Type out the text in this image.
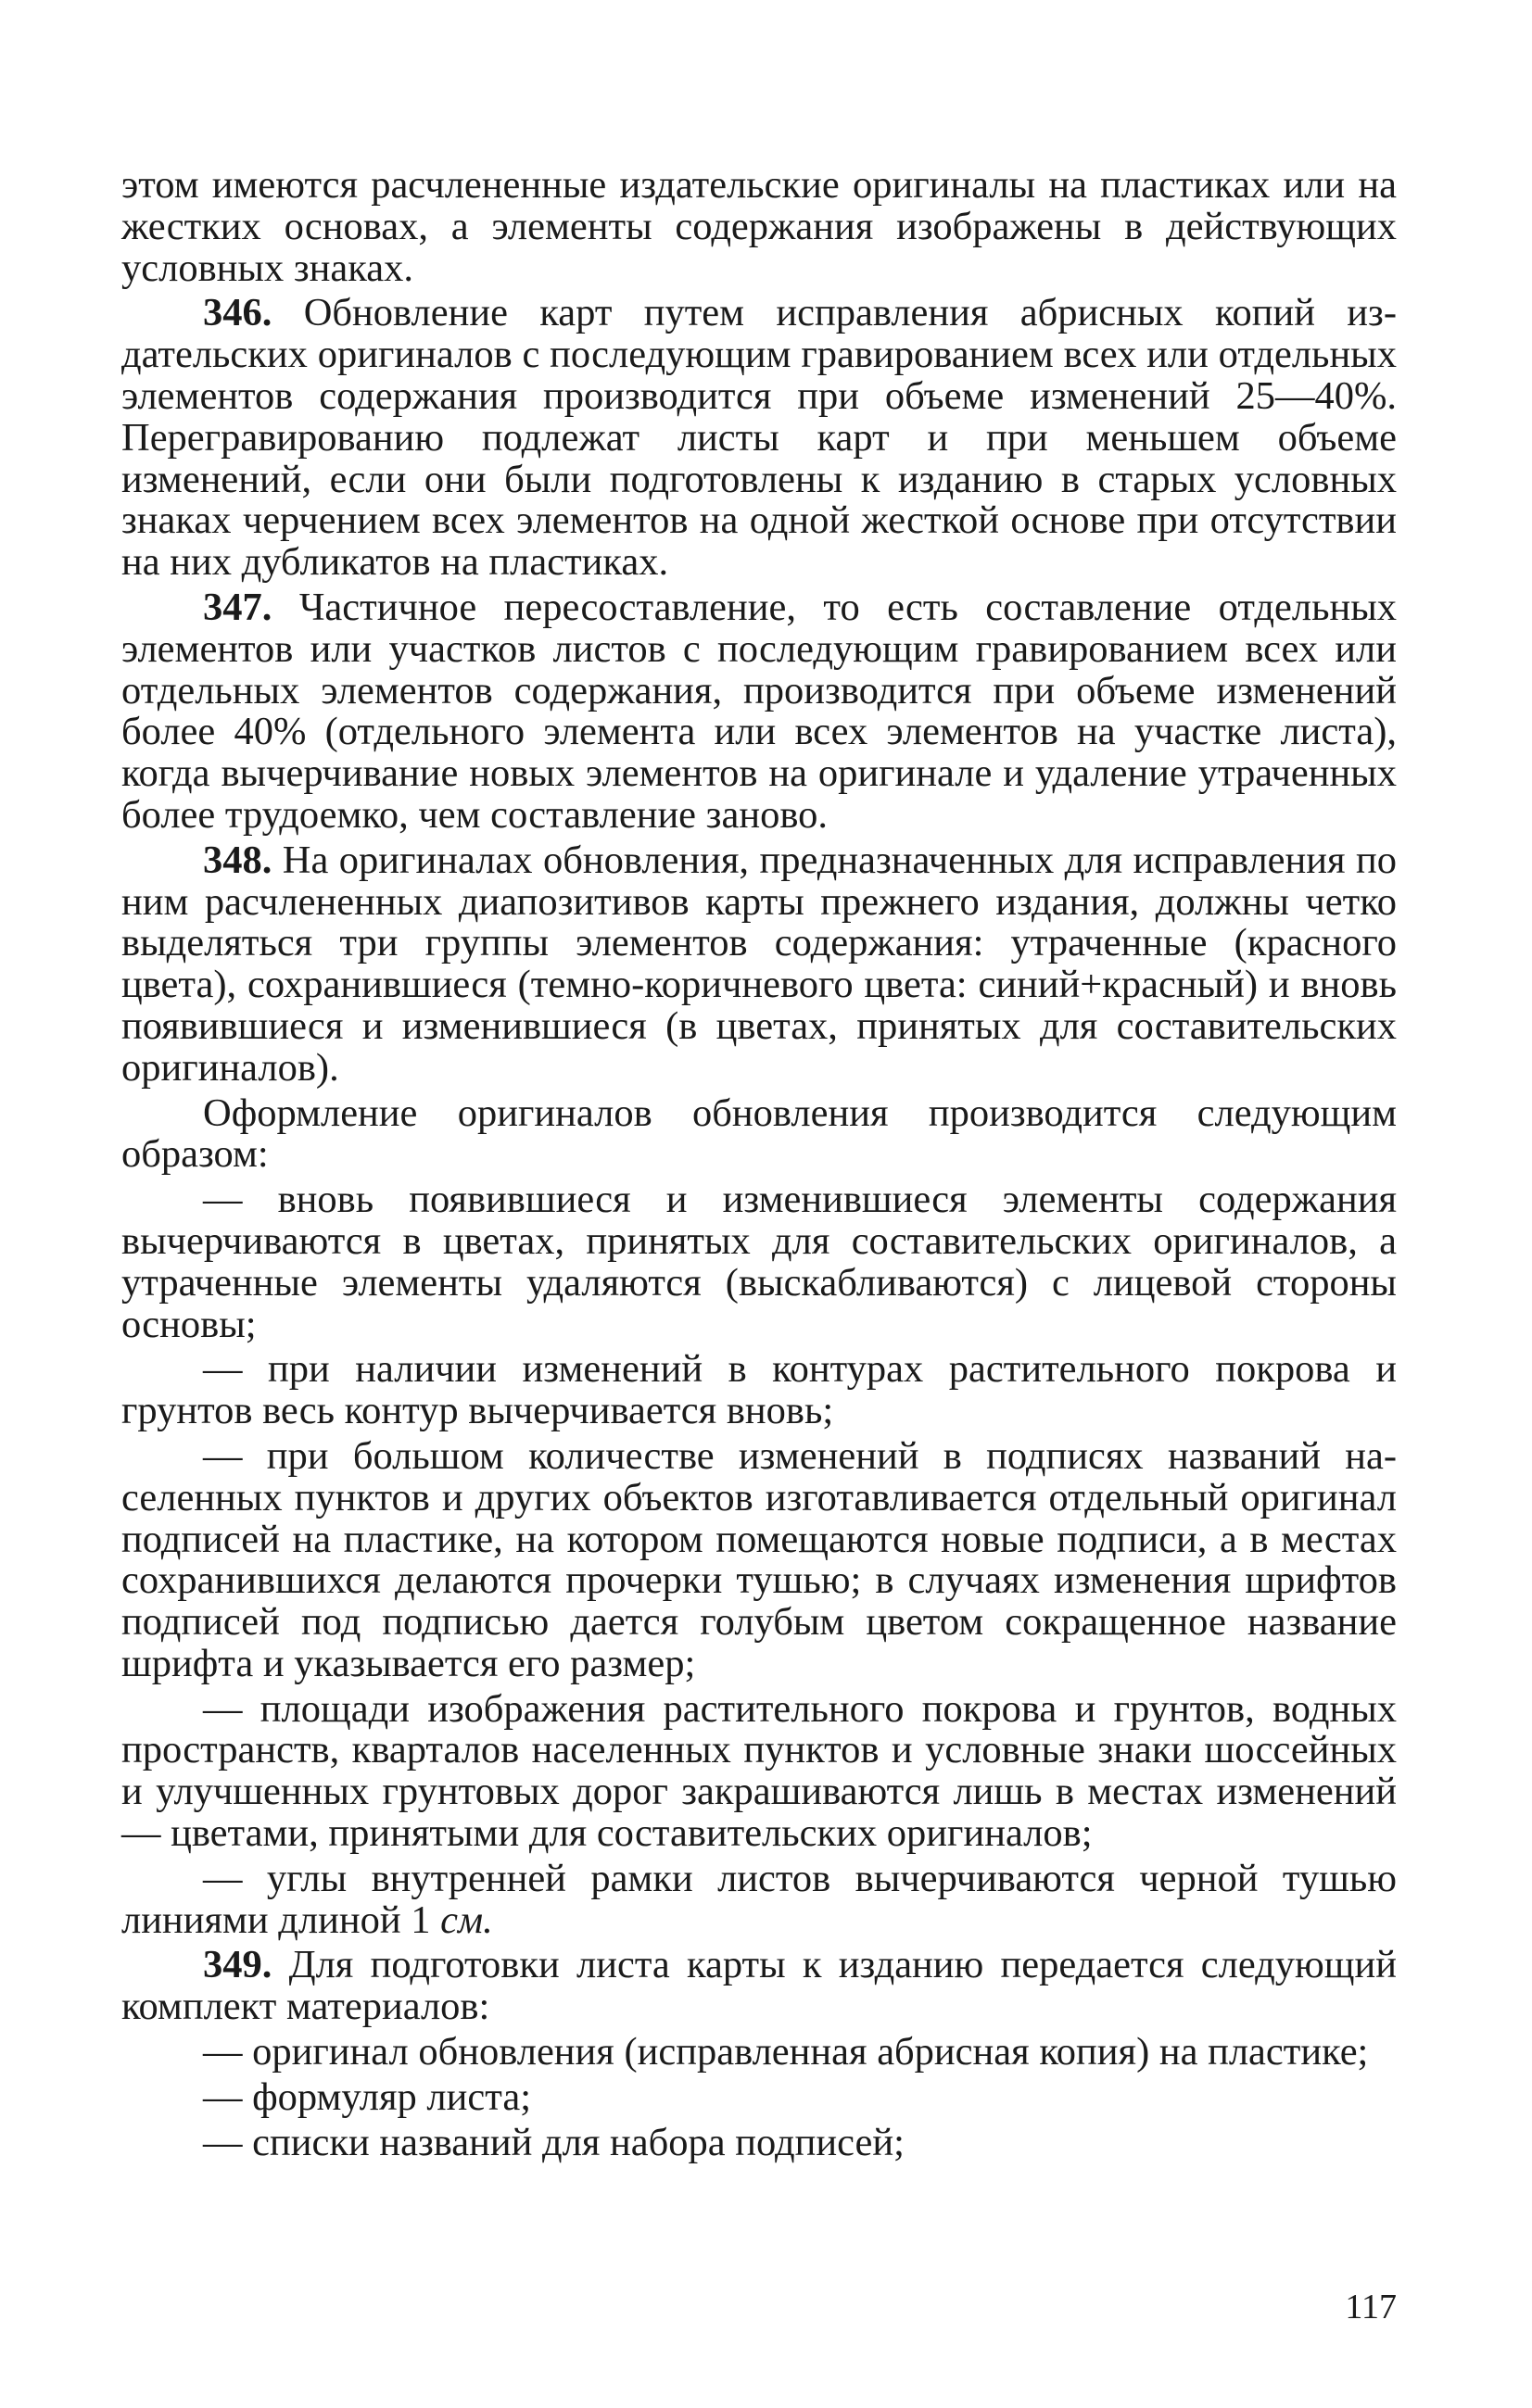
этом имеются расчлененные издательские оригиналы на пластиках или на жестких основах, а элементы содержания изображены в действующих условных знаках.

346. Обновление карт путем исправления абрисных копий издательских оригиналов с последующим гравированием всех или отдельных элементов содержания производится при объеме изменений 25—40%. Перегравированию подлежат листы карт и при меньшем объеме изменений, если они были подготовлены к изданию в старых условных знаках черчением всех элементов на одной жесткой основе при отсутствии на них дубликатов на пластиках.

347. Частичное пересоставление, то есть составление отдельных элементов или участков листов с последующим гравированием всех или отдельных элементов содержания, производится при объеме изменений более 40% (отдельного элемента или всех элементов на участке листа), когда вычерчивание новых элементов на оригинале и удаление утраченных более трудоемко, чем составление заново.

348. На оригиналах обновления, предназначенных для исправления по ним расчлененных диапозитивов карты прежнего издания, должны четко выделяться три группы элементов содержания: утраченные (красного цвета), сохранившиеся (темно-коричневого цвета: синий+красный) и вновь появившиеся и изменившиеся (в цветах, принятых для составительских оригиналов).

Оформление оригиналов обновления производится следующим образом:

— вновь появившиеся и изменившиеся элементы содержания вычерчиваются в цветах, принятых для составительских оригиналов, а утраченные элементы удаляются (выскабливаются) с лицевой стороны основы;

— при наличии изменений в контурах растительного покрова и грунтов весь контур вычерчивается вновь;

— при большом количестве изменений в подписях названий населенных пунктов и других объектов изготавливается отдельный оригинал подписей на пластике, на котором помещаются новые подписи, а в местах сохранившихся делаются прочерки тушью; в случаях изменения шрифтов подписей под подписью дается голубым цветом сокращенное название шрифта и указывается его размер;

— площади изображения растительного покрова и грунтов, водных пространств, кварталов населенных пунктов и условные знаки шоссейных и улучшенных грунтовых дорог закрашиваются лишь в местах изменений — цветами, принятыми для составительских оригиналов;

— углы внутренней рамки листов вычерчиваются черной тушью линиями длиной 1 см.

349. Для подготовки листа карты к изданию передается следующий комплект материалов:

— оригинал обновления (исправленная абрисная копия) на пластике;

— формуляр листа;

— списки названий для набора подписей;

117
